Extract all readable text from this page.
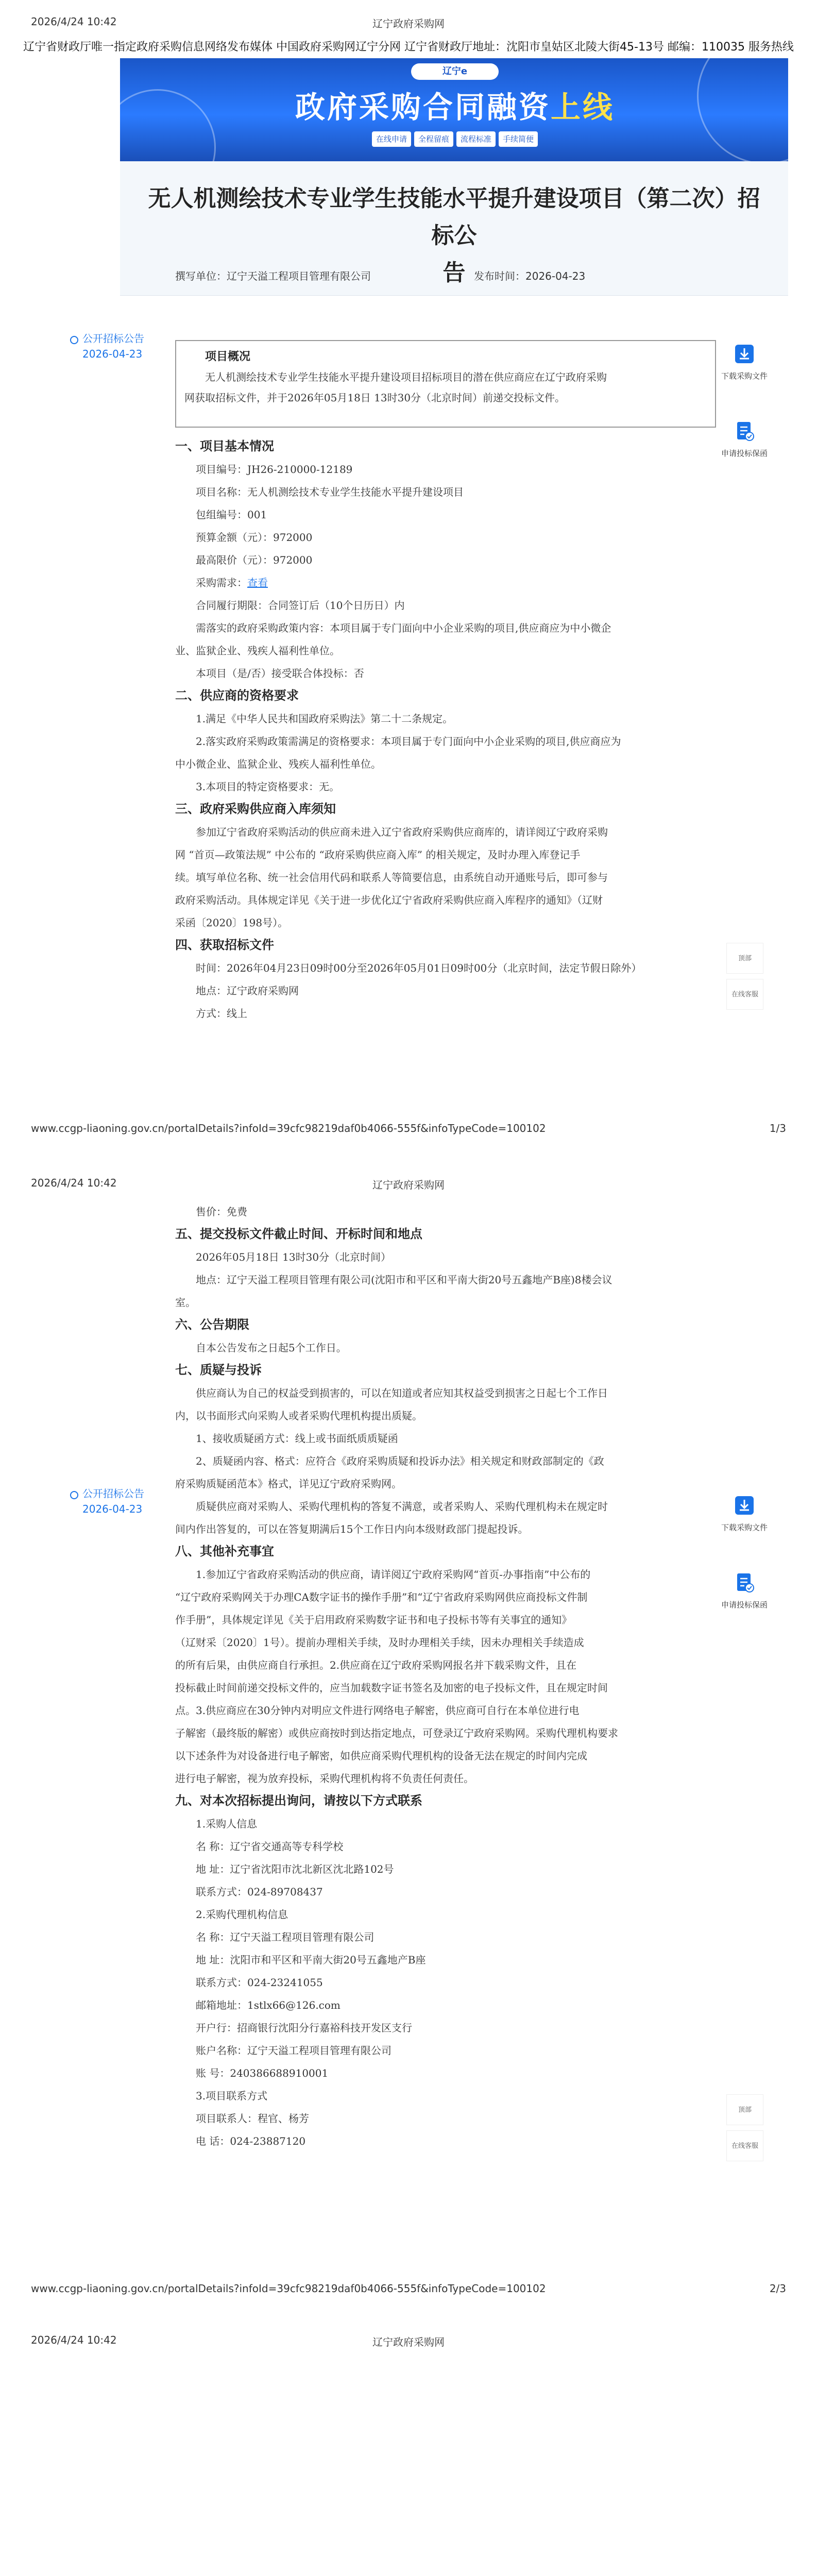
2026/4/24 10:42	辽宁政府采购网
辽宁省财政厅唯一指定政府采购信息网络发布媒体 中国政府采购网辽宁分网 辽宁省财政厅地址：沈阳市皇姑区北陵大街45-13号 邮编：110035 服务热线
辽宁e
政府采购合同融资上线
在线申请	全程留痕	流程标准	手续简便
无人机测绘技术专业学生技能水平提升建设项目（第二次）招标公
告
撰写单位：辽宁天溢工程项目管理有限公司	发布时间：2026-04-23
公开招标公告
2026-04-23
下载采购文件
申请投标保函
项目概况
无人机测绘技术专业学生技能水平提升建设项目招标项目的潜在供应商应在辽宁政府采购
网获取招标文件，并于2026年05月18日 13时30分（北京时间）前递交投标文件。
一、项目基本情况
项目编号：JH26-210000-12189
项目名称：无人机测绘技术专业学生技能水平提升建设项目
包组编号：001
预算金额（元）：972000
最高限价（元）：972000
采购需求：查看
合同履行期限：合同签订后（10个日历日）内
需落实的政府采购政策内容：本项目属于专门面向中小企业采购的项目,供应商应为中小微企
业、监狱企业、残疾人福利性单位。
本项目（是/否）接受联合体投标：否
二、供应商的资格要求
1.满足《中华人民共和国政府采购法》第二十二条规定。
2.落实政府采购政策需满足的资格要求：本项目属于专门面向中小企业采购的项目,供应商应为
中小微企业、监狱企业、残疾人福利性单位。
3.本项目的特定资格要求：无。
三、政府采购供应商入库须知
参加辽宁省政府采购活动的供应商未进入辽宁省政府采购供应商库的，请详阅辽宁政府采购
网 “首页—政策法规” 中公布的 “政府采购供应商入库” 的相关规定，及时办理入库登记手
续。填写单位名称、统一社会信用代码和联系人等简要信息，由系统自动开通账号后，即可参与
政府采购活动。具体规定详见《关于进一步优化辽宁省政府采购供应商入库程序的通知》（辽财
采函〔2020〕198号）。
四、获取招标文件
时间：2026年04月23日09时00分至2026年05月01日09时00分（北京时间，法定节假日除外）
地点：辽宁政府采购网
方式：线上
顶部
在线客服
www.ccgp-liaoning.gov.cn/portalDetails?infoId=39cfc98219daf0b4066-555f&infoTypeCode=100102	1/3
2026/4/24 10:42	辽宁政府采购网
公开招标公告
2026-04-23
下载采购文件
申请投标保函
售价：免费
五、提交投标文件截止时间、开标时间和地点
2026年05月18日 13时30分（北京时间）
地点：辽宁天溢工程项目管理有限公司(沈阳市和平区和平南大街20号五鑫地产B座)8楼会议
室。
六、公告期限
自本公告发布之日起5个工作日。
七、质疑与投诉
供应商认为自己的权益受到损害的，可以在知道或者应知其权益受到损害之日起七个工作日
内，以书面形式向采购人或者采购代理机构提出质疑。
1、接收质疑函方式：线上或书面纸质质疑函
2、质疑函内容、格式：应符合《政府采购质疑和投诉办法》相关规定和财政部制定的《政
府采购质疑函范本》格式，详见辽宁政府采购网。
质疑供应商对采购人、采购代理机构的答复不满意，或者采购人、采购代理机构未在规定时
间内作出答复的，可以在答复期满后15个工作日内向本级财政部门提起投诉。
八、其他补充事宜
1.参加辽宁省政府采购活动的供应商，请详阅辽宁政府采购网“首页-办事指南”中公布的
“辽宁政府采购网关于办理CA数字证书的操作手册”和“辽宁省政府采购网供应商投标文件制
作手册”，具体规定详见《关于启用政府采购数字证书和电子投标书等有关事宜的通知》
（辽财采〔2020〕1号）。提前办理相关手续，及时办理相关手续，因未办理相关手续造成
的所有后果，由供应商自行承担。2.供应商在辽宁政府采购网报名并下载采购文件，且在
投标截止时间前递交投标文件的，应当加载数字证书签名及加密的电子投标文件，且在规定时间
点。3.供应商应在30分钟内对明应文件进行网络电子解密，供应商可自行在本单位进行电
子解密（最终版的解密）或供应商按时到达指定地点，可登录辽宁政府采购网。采购代理机构要求
以下述条件为对设备进行电子解密，如供应商采购代理机构的设备无法在规定的时间内完成
进行电子解密，视为放弃投标，采购代理机构将不负责任何责任。
九、对本次招标提出询问，请按以下方式联系
1.采购人信息
名 称：辽宁省交通高等专科学校
地 址：辽宁省沈阳市沈北新区沈北路102号
联系方式：024-89708437
2.采购代理机构信息
名 称：辽宁天溢工程项目管理有限公司
地 址：沈阳市和平区和平南大街20号五鑫地产B座
联系方式：024-23241055
邮箱地址：1stlx66@126.com
开户行：招商银行沈阳分行嘉裕科技开发区支行
账户名称：辽宁天溢工程项目管理有限公司
账 号：240386688910001
3.项目联系方式
项目联系人：程官、杨芳
电 话：024-23887120
顶部
在线客服
www.ccgp-liaoning.gov.cn/portalDetails?infoId=39cfc98219daf0b4066-555f&infoTypeCode=100102	2/3
2026/4/24 10:42	辽宁政府采购网
